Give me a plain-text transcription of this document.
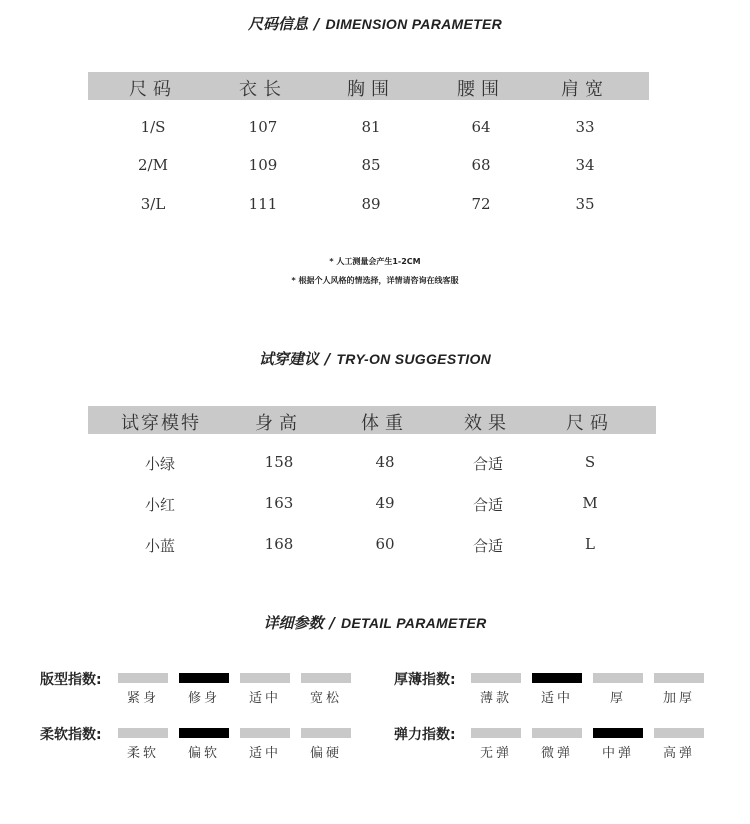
尺码信息 / DIMENSION PARAMETER
尺码	衣长	胸围	腰围	肩宽
1/S	107	81	64	33
2/M	109	85	68	34
3/L	111	89	72	35
* 人工测量会产生1-2CM
* 根据个人风格的情选择，详情请咨询在线客服
试穿建议 / TRY-ON SUGGESTION
试穿模特	身高	体重	效果	尺码
小绿	158	48	合适	S
小红	163	49	合适	M
小蓝	168	60	合适	L
详细参数 / DETAIL PARAMETER
版型指数:
紧身	修身	适中	宽松
厚薄指数:
薄款	适中	厚	加厚
柔软指数:
柔软	偏软	适中	偏硬
弹力指数:
无弹	微弹	中弹	高弹
